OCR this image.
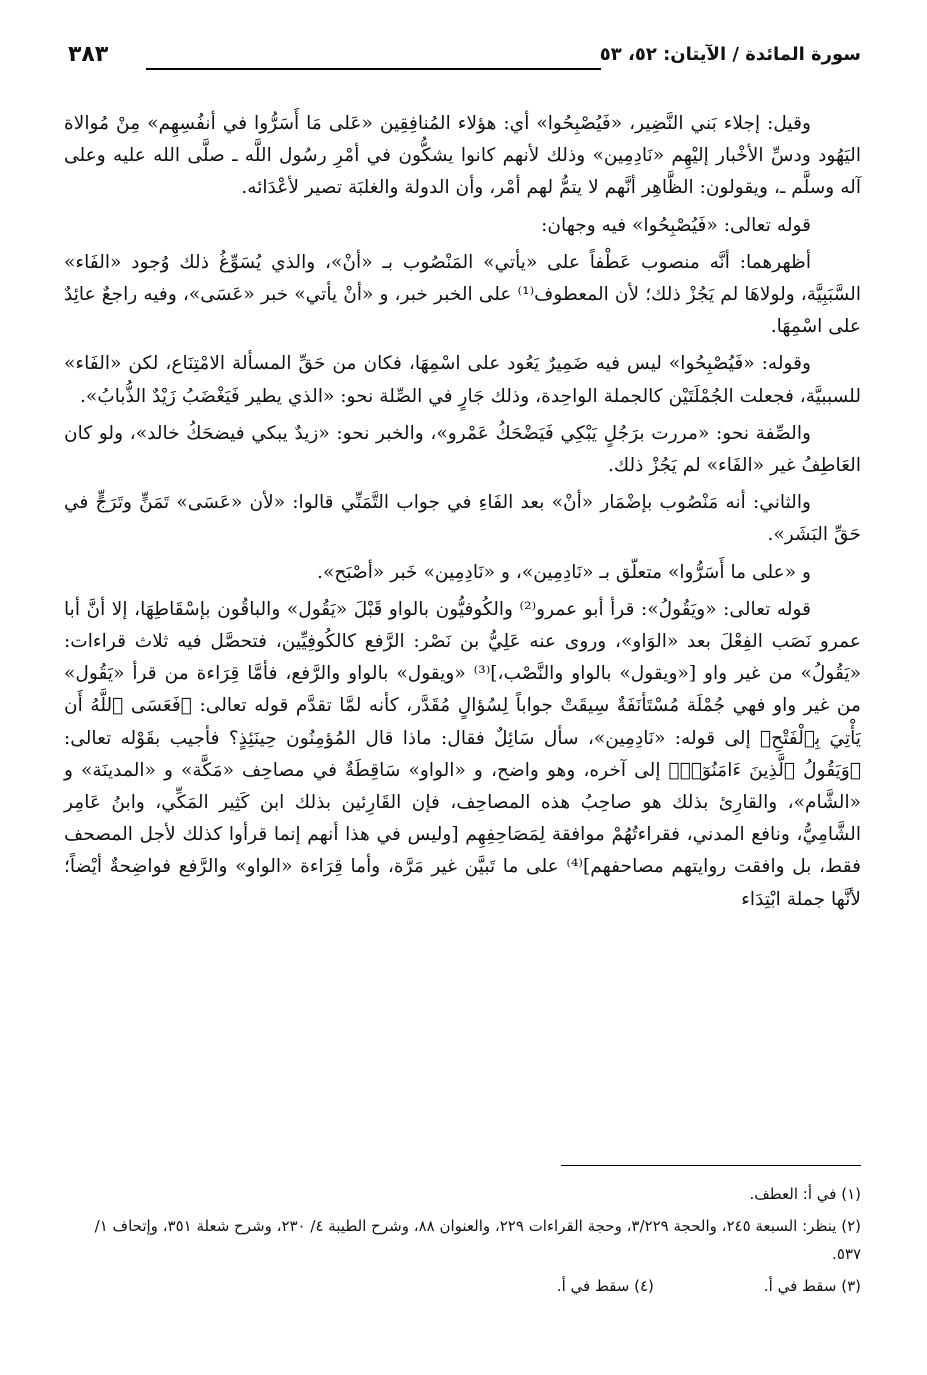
سورة المائدة / الآيتان: ٥٢، ٥٣
٣٨٣

وقيل: إجلاء بَني النَّضِير، «فَيُصْبِحُوا» أي: هؤلاء المُنافِقِين «عَلى مَا أَسَرُّوا في أنفُسِهِم» مِنْ مُوالاة اليَهُود ودسِّ الأخْبار إليْهِم «نَادِمِين» وذلك لأنهم كانوا يشكُّون في أمْرِ رسُول اللَّه ـ صلَّى الله عليه وعلى آله وسلَّم ـ، ويقولون: الظَّاهِر أنَّهم لا يتمُّ لهم أمْر، وأن الدولة والغلبَة تصير لأعْدَائه.

قوله تعالى: «فَيُصْبِحُوا» فيه وجهان:

أظهرهما: أنَّه منصوب عَطْفاً على «يأتي» المَنْصُوب بـ «أنْ»، والذي يُسَوِّغُ ذلك وُجود «الفَاء» السَّبَبِيَّة، ولولاهَا لم يَجُزْ ذلك؛ لأن المعطوف⁽¹⁾ على الخبر خبر، و «أنْ يأتي» خبر «عَسَى»، وفيه راجعٌ عائِدٌ على اسْمِهَا.

وقوله: «فَيُصْبِحُوا» ليس فيه ضَمِيرٌ يَعُود على اسْمِهَا، فكان من حَقِّ المسألة الامْتِنَاع، لكن «الفَاء» للسببيَّة، فجعلت الجُمْلَتَيْن كالجملة الواحِدة، وذلك جَارٍ في الصِّلة نحو: «الذي يطير فَيَغْضَبُ زَيْدٌ الذُّبابُ».

والصِّفة نحو: «مررت برَجُلٍ يَبْكِي فَيَضْحَكُ عَمْرو»، والخبر نحو: «زيدٌ يبكي فيضحَكُ خالد»، ولو كان العَاطِفُ غير «الفَاء» لم يَجُزْ ذلك.

والثاني: أنه مَنْصُوب بإضْمَار «أنْ» بعد الفَاءِ في جواب التَّمَنِّي قالوا: «لأن «عَسَى» تَمَنٍّ وتَرَجٍّ في حَقِّ البَشَر».

و «على ما أَسَرُّوا» متعلّق بـ «نَادِمِين»، و «نَادِمِين» خَبر «أصْبَح».

قوله تعالى: «ويَقُولُ»: قرأ أبو عمرو⁽²⁾ والكُوفيُّون بالواو قَبْلَ «يَقُول» والباقُون بإسْقَاطِهَا، إلا أنَّ أبا عمرو نَصَب الفِعْلَ بعد «الوَاو»، وروى عنه عَلِيُّ بن نَصْر: الرَّفع كالكُوفِيِّين، فتحصَّل فيه ثلاث قراءات: «يَقُولُ» من غير واو [«ويقول» بالواو والنَّصْب،]⁽³⁾ «ويقول» بالواو والرَّفع، فأمَّا قِرَاءة من قرأ «يَقُول» من غير واو فهي جُمْلَة مُسْتَأنَفَةٌ سِيقَتْ جواباً لِسُؤالٍ مُقَدَّر، كأنه لمَّا تقدَّم قوله تعالى: ﴿فَعَسَى ٱللَّهُ أَن يَأْتِيَ بِٱلْفَتْحِ﴾ إلى قوله: «نَادِمِين»، سأل سَائِلٌ فقال: ماذا قال المُؤمِنُون حِينَئِذٍ؟ فأجيب بقَوْله تعالى: ﴿وَيَقُولُ ٱلَّذِينَ ءَامَنُوٓا۟﴾ إلى آخره، وهو واضح، و «الواو» سَاقِطَةٌ في مصاحِف «مَكَّة» و «المدينَة» و «الشَّام»، والقارِئ بذلك هو صاحِبُ هذه المصاحِف، فإن القَارِئين بذلك ابن كَثِير المَكِّي، وابنُ عَامِر الشَّامِيُّ، ونافع المدني، فقراءتُهُمْ موافقة لِمَصَاحِفِهِم [وليس في هذا أنهم إنما قرأوا كذلك لأجل المصحف فقط، بل وافقت روايتهم مصاحفهم]⁽⁴⁾ على ما تَبيَّن غير مَرَّة، وأما قِرَاءة «الواو» والرَّفع فواضِحةٌ أيْضاً؛ لأنَّها جملة ابْتِدَاء

(١) في أ: العطف.

(٢) ينظر: السبعة ٢٤٥، والحجة ٣/٢٢٩، وحجة القراءات ٢٢٩، والعنوان ٨٨، وشرح الطيبة ٤/ ٢٣٠، وشرح شعلة ٣٥١، وإتحاف ١/ ٥٣٧.

(٣) سقط في أ.
(٤) سقط في أ.
